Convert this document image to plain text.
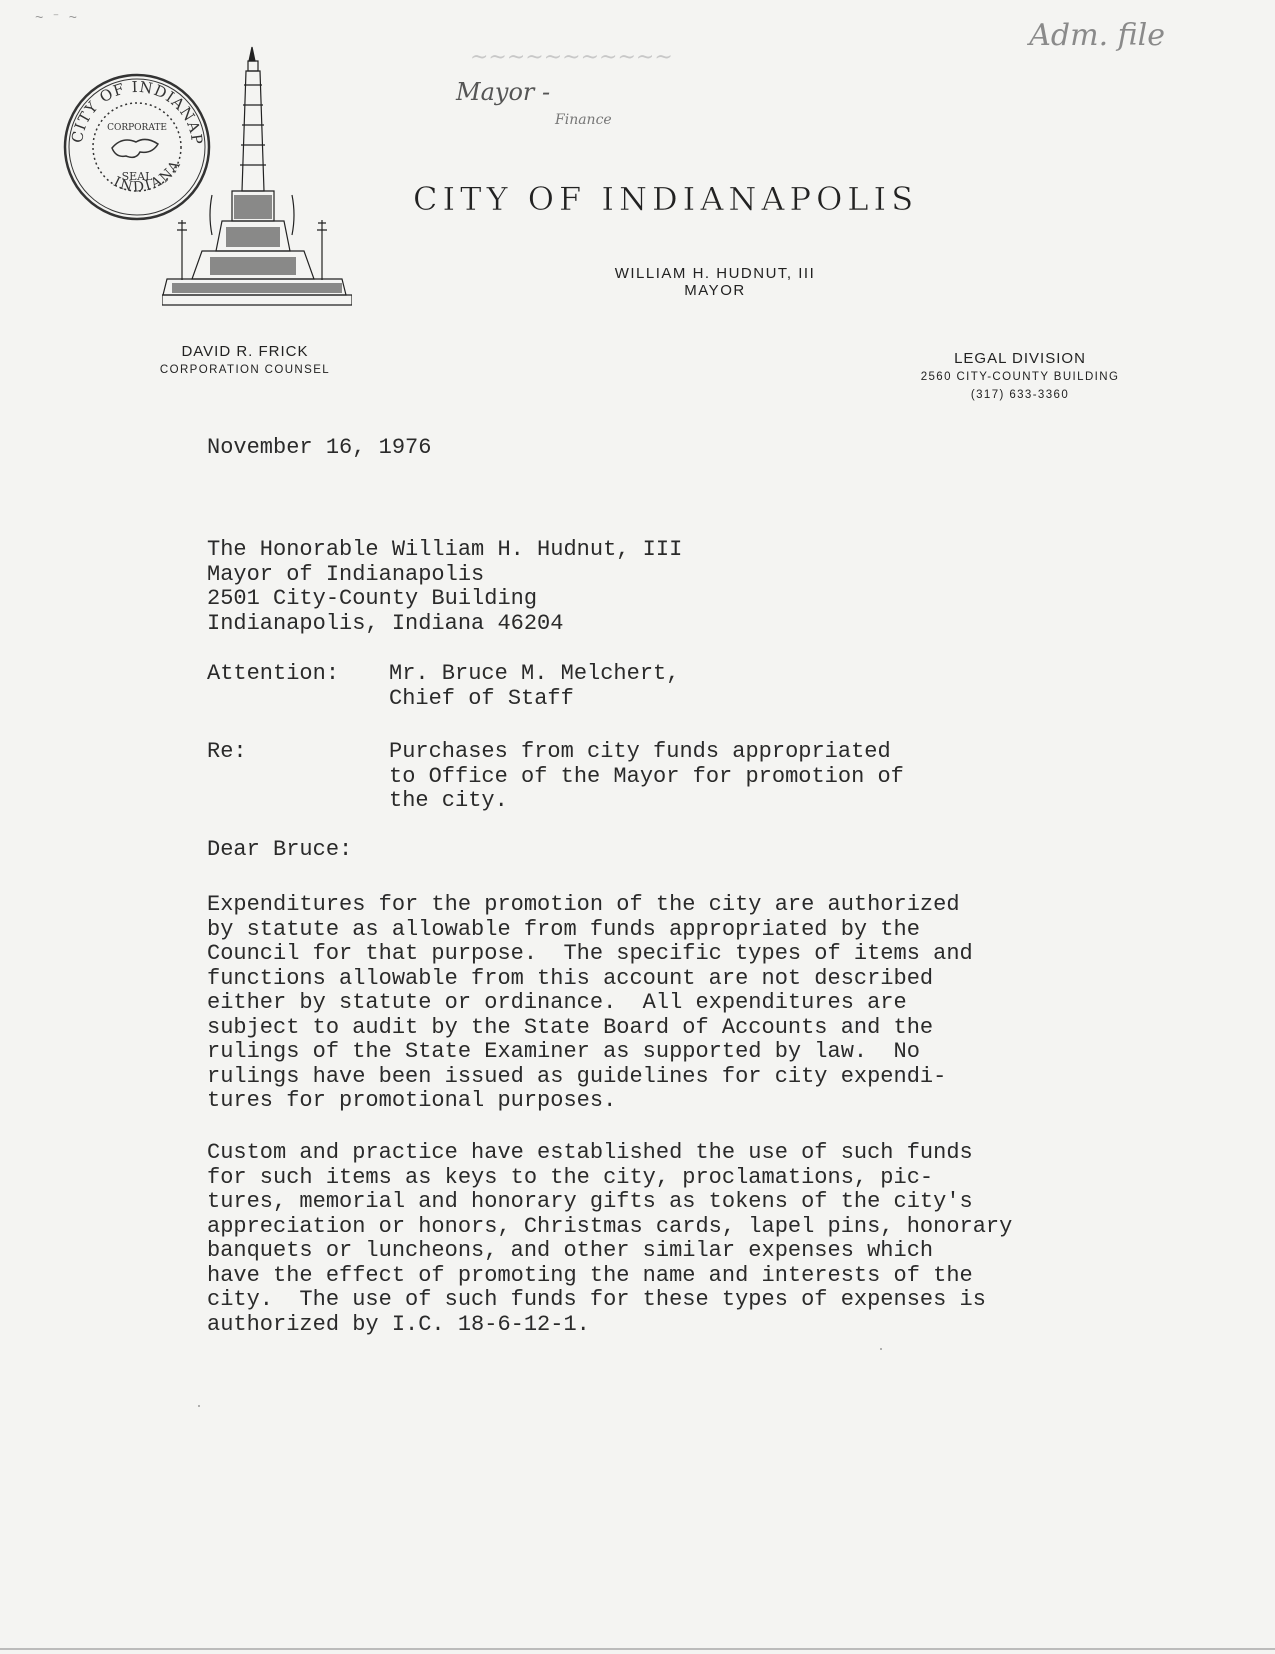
CITY OF INDIANAP
INDIANA
CORPORATE
SEAL
~~~~~~~~~~~
Mayor -
Finance
Adm. file
~ ⁻ ~
CITY OF INDIANAPOLIS
WILLIAM H. HUDNUT, III
MAYOR
DAVID R. FRICK
CORPORATION COUNSEL
LEGAL DIVISION
2560 CITY-COUNTY BUILDING
(317) 633-3360
November 16, 1976
The Honorable William H. Hudnut, III
Mayor of Indianapolis
2501 City-County Building
Indianapolis, Indiana 46204
Attention: Mr. Bruce M. Melchert,
Chief of Staff
Re:	Purchases from city funds appropriated
to Office of the Mayor for promotion of
the city.
Dear Bruce:
Expenditures for the promotion of the city are authorized
by statute as allowable from funds appropriated by the
Council for that purpose.  The specific types of items and
functions allowable from this account are not described
either by statute or ordinance.  All expenditures are
subject to audit by the State Board of Accounts and the
rulings of the State Examiner as supported by law.  No
rulings have been issued as guidelines for city expendi-
tures for promotional purposes.
Custom and practice have established the use of such funds
for such items as keys to the city, proclamations, pic-
tures, memorial and honorary gifts as tokens of the city's
appreciation or honors, Christmas cards, lapel pins, honorary
banquets or luncheons, and other similar expenses which
have the effect of promoting the name and interests of the
city.  The use of such funds for these types of expenses is
authorized by I.C. 18-6-12-1.
